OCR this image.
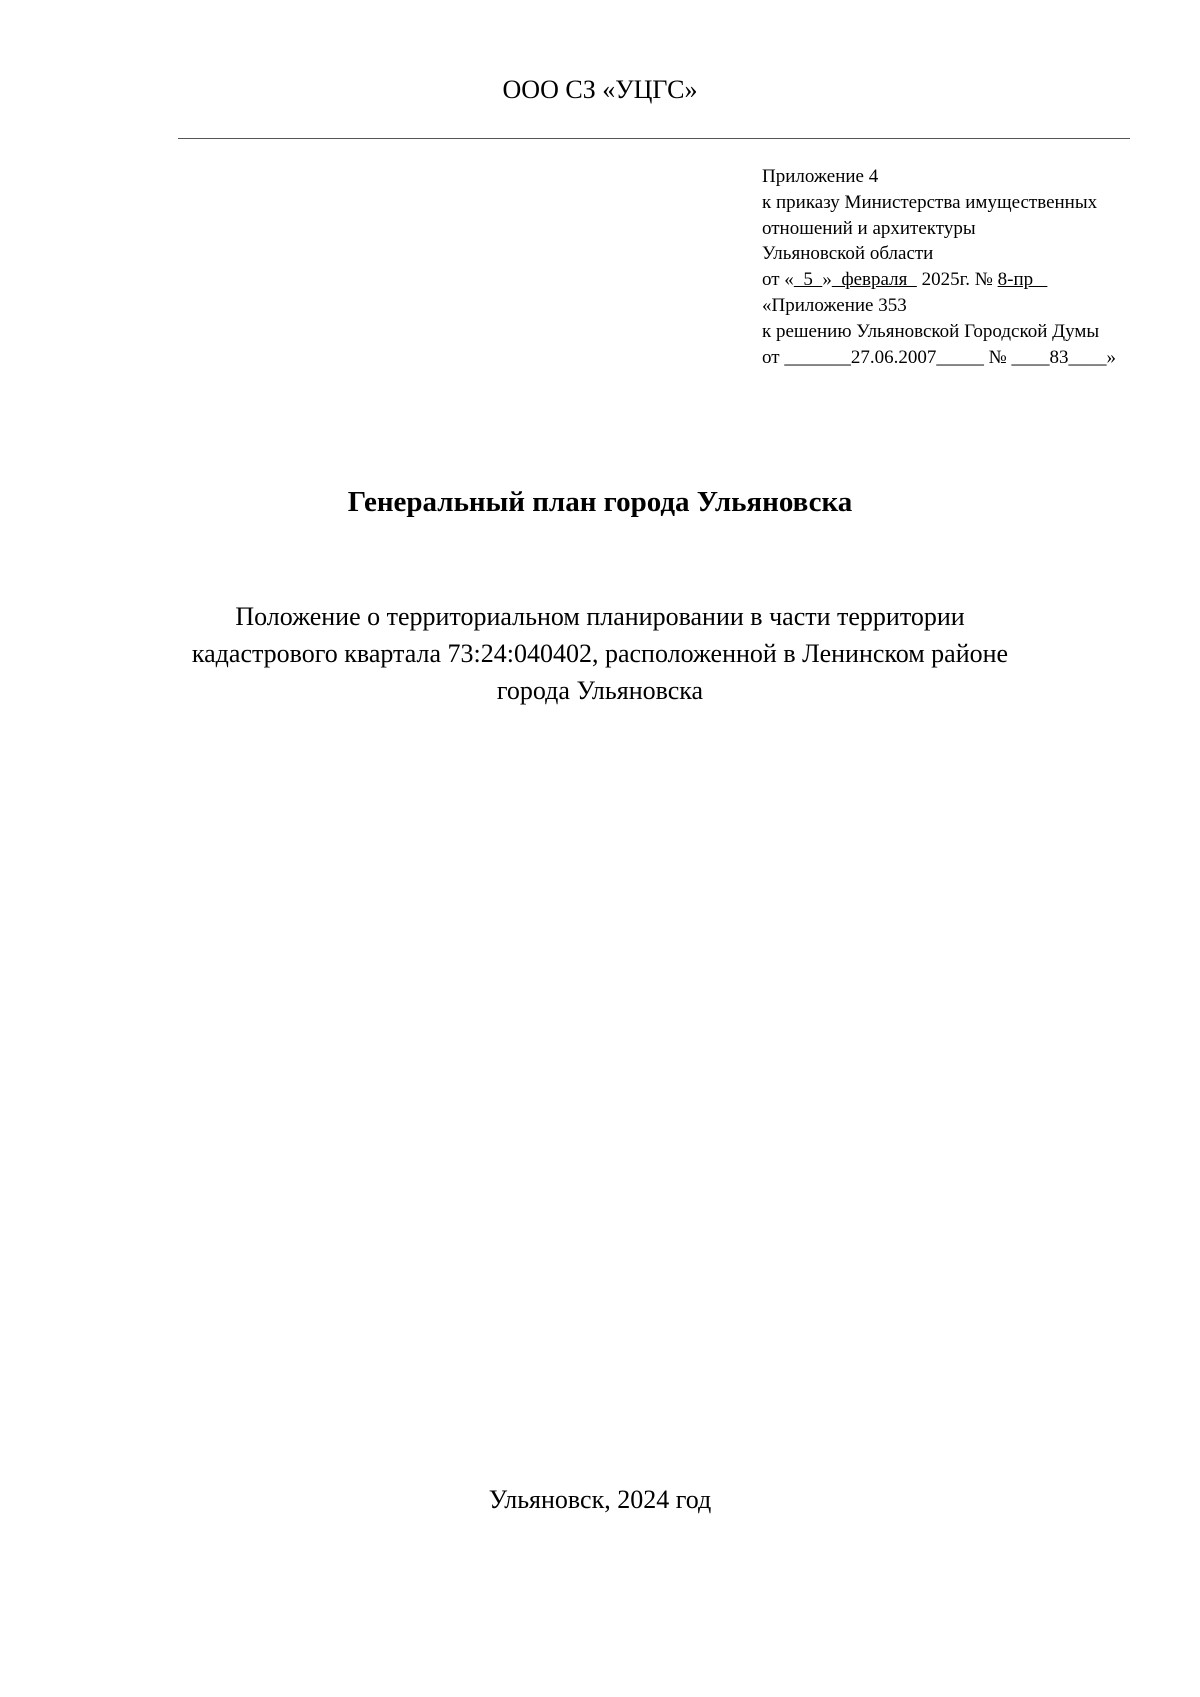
ООО СЗ «УЦГС»
Приложение 4
к приказу Министерства имущественных
отношений и архитектуры
Ульяновской области
от «  5  »  февраля   2025г. № 8-пр
«Приложение 353
к решению Ульяновской Городской Думы
от _______27.06.2007_____ № ____83____»
Генеральный план города Ульяновска
Положение о территориальном планировании в части территории
кадастрового квартала 73:24:040402, расположенной в Ленинском районе
города Ульяновска
Ульяновск, 2024 год
